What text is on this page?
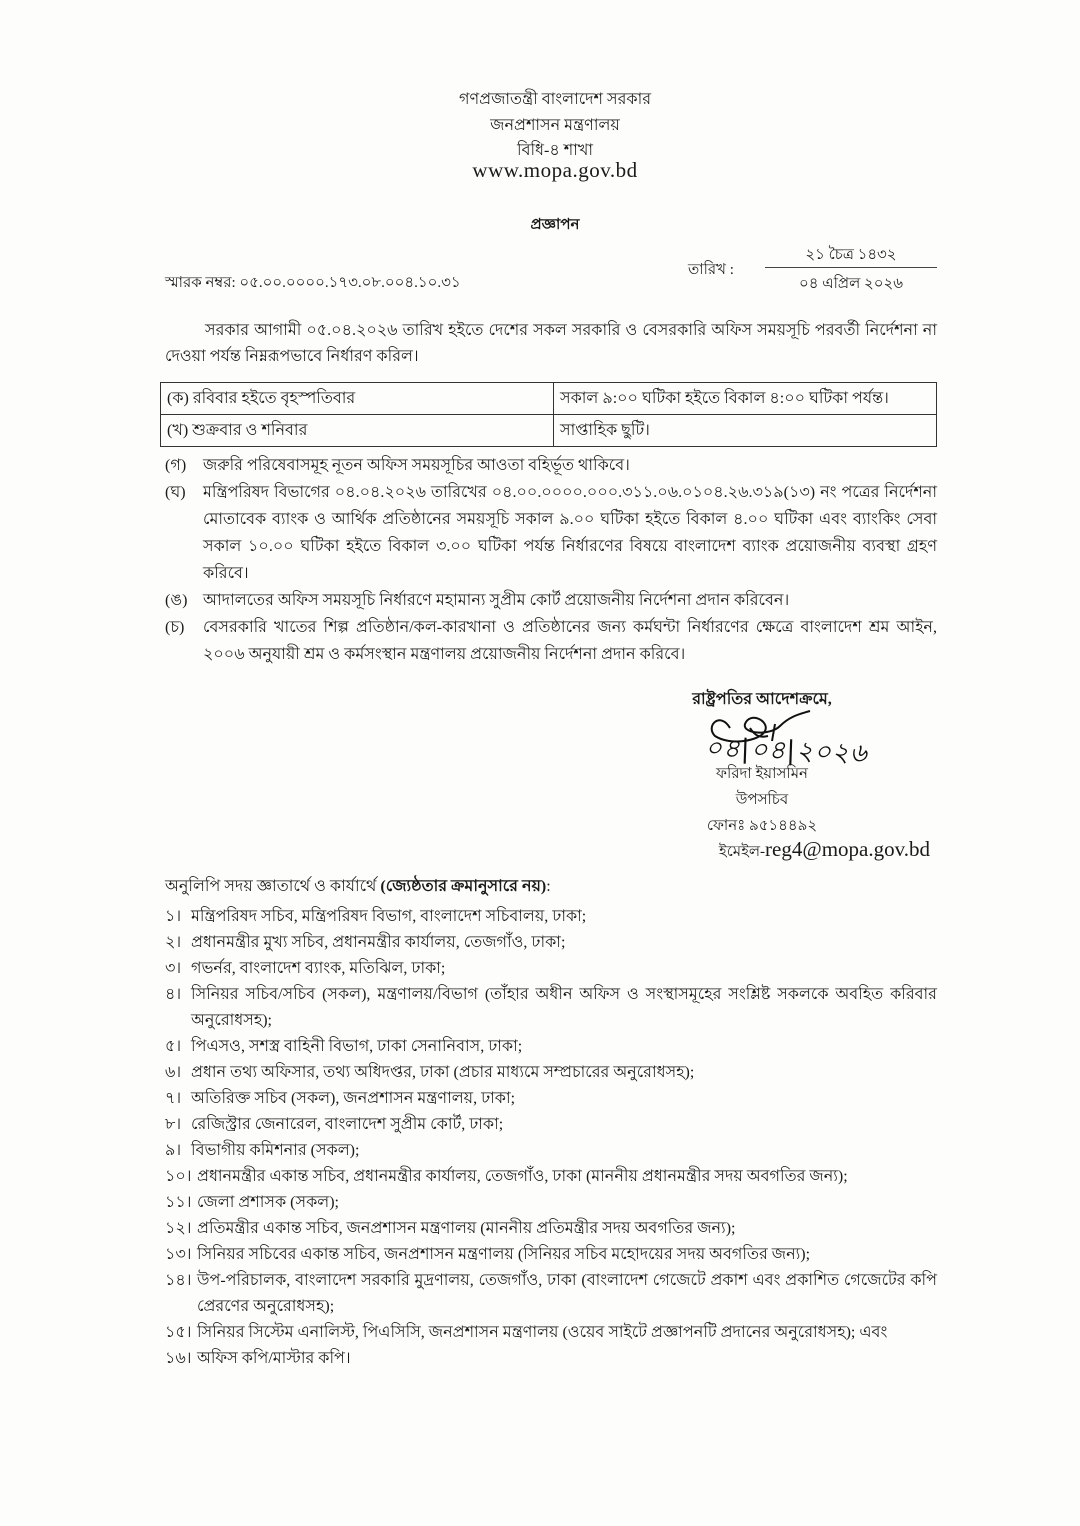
গণপ্রজাতন্ত্রী বাংলাদেশ সরকার
জনপ্রশাসন মন্ত্রণালয়
বিধি-৪ শাখা
www.mopa.gov.bd
প্রজ্ঞাপন
তারিখ :
২১ চৈত্র ১৪৩২
০৪ এপ্রিল ২০২৬
স্মারক নম্বর: ০৫.০০.০০০০.১৭৩.০৮.০০৪.১০.৩১
সরকার আগামী ০৫.০৪.২০২৬ তারিখ হইতে দেশের সকল সরকারি ও বেসরকারি অফিস সময়সূচি পরবর্তী নির্দেশনা না দেওয়া পর্যন্ত নিম্নরূপভাবে নির্ধারণ করিল।
(ক) রবিবার হইতে বৃহস্পতিবার	সকাল ৯:০০ ঘটিকা হইতে বিকাল ৪:০০ ঘটিকা পর্যন্ত।
(খ) শুক্রবার ও শনিবার	সাপ্তাহিক ছুটি।
(গ)	জরুরি পরিষেবাসমূহ নূতন অফিস সময়সূচির আওতা বহির্ভূত থাকিবে।
(ঘ)	মন্ত্রিপরিষদ বিভাগের ০৪.০৪.২০২৬ তারিখের ০৪.০০.০০০০.০০০.৩১১.০৬.০১০৪.২৬.৩১৯(১৩) নং পত্রের নির্দেশনা মোতাবেক ব্যাংক ও আর্থিক প্রতিষ্ঠানের সময়সূচি সকাল ৯.০০ ঘটিকা হইতে বিকাল ৪.০০ ঘটিকা এবং ব্যাংকিং সেবা সকাল ১০.০০ ঘটিকা হইতে বিকাল ৩.০০ ঘটিকা পর্যন্ত নির্ধারণের বিষয়ে বাংলাদেশ ব্যাংক প্রয়োজনীয় ব্যবস্থা গ্রহণ করিবে।
(ঙ) আদালতের অফিস সময়সূচি নির্ধারণে মহামান্য সুপ্রীম কোর্ট প্রয়োজনীয় নির্দেশনা প্রদান করিবেন।
(চ)	বেসরকারি খাতের শিল্প প্রতিষ্ঠান/কল-কারখানা ও প্রতিষ্ঠানের জন্য কর্মঘন্টা নির্ধারণের ক্ষেত্রে বাংলাদেশ শ্রম আইন, ২০০৬ অনুযায়ী শ্রম ও কর্মসংস্থান মন্ত্রণালয় প্রয়োজনীয় নির্দেশনা প্রদান করিবে।
রাষ্ট্রপতির আদেশক্রমে,
০৪|০৪|২০২৬
ফরিদা ইয়াসমিন
উপসচিব
ফোনঃ ৯৫১৪৪৯২
ইমেইল-reg4@mopa.gov.bd
অনুলিপি সদয় জ্ঞাতার্থে ও কার্যার্থে (জ্যেষ্ঠতার ক্রমানুসারে নয়):
১। মন্ত্রিপরিষদ সচিব, মন্ত্রিপরিষদ বিভাগ, বাংলাদেশ সচিবালয়, ঢাকা;
২। প্রধানমন্ত্রীর মুখ্য সচিব, প্রধানমন্ত্রীর কার্যালয়, তেজগাঁও, ঢাকা;
৩। গভর্নর, বাংলাদেশ ব্যাংক, মতিঝিল, ঢাকা;
৪। সিনিয়র সচিব/সচিব (সকল), মন্ত্রণালয়/বিভাগ (তাঁহার অধীন অফিস ও সংস্থাসমূহের সংশ্লিষ্ট সকলকে অবহিত করিবার অনুরোধসহ);
৫। পিএসও, সশস্ত্র বাহিনী বিভাগ, ঢাকা সেনানিবাস, ঢাকা;
৬। প্রধান তথ্য অফিসার, তথ্য অধিদপ্তর, ঢাকা (প্রচার মাধ্যমে সম্প্রচারের অনুরোধসহ);
৭। অতিরিক্ত সচিব (সকল), জনপ্রশাসন মন্ত্রণালয়, ঢাকা;
৮। রেজিস্ট্রার জেনারেল, বাংলাদেশ সুপ্রীম কোর্ট, ঢাকা;
৯। বিভাগীয় কমিশনার (সকল);
১০। প্রধানমন্ত্রীর একান্ত সচিব, প্রধানমন্ত্রীর কার্যালয়, তেজগাঁও, ঢাকা (মাননীয় প্রধানমন্ত্রীর সদয় অবগতির জন্য);
১১। জেলা প্রশাসক (সকল);
১২। প্রতিমন্ত্রীর একান্ত সচিব, জনপ্রশাসন মন্ত্রণালয় (মাননীয় প্রতিমন্ত্রীর সদয় অবগতির জন্য);
১৩। সিনিয়র সচিবের একান্ত সচিব, জনপ্রশাসন মন্ত্রণালয় (সিনিয়র সচিব মহোদয়ের সদয় অবগতির জন্য);
১৪। উপ-পরিচালক, বাংলাদেশ সরকারি মুদ্রণালয়, তেজগাঁও, ঢাকা (বাংলাদেশ গেজেটে প্রকাশ এবং প্রকাশিত গেজেটের কপি প্রেরণের অনুরোধসহ);
১৫। সিনিয়র সিস্টেম এনালিস্ট, পিএসিসি, জনপ্রশাসন মন্ত্রণালয় (ওয়েব সাইটে প্রজ্ঞাপনটি প্রদানের অনুরোধসহ); এবং
১৬। অফিস কপি/মাস্টার কপি।
